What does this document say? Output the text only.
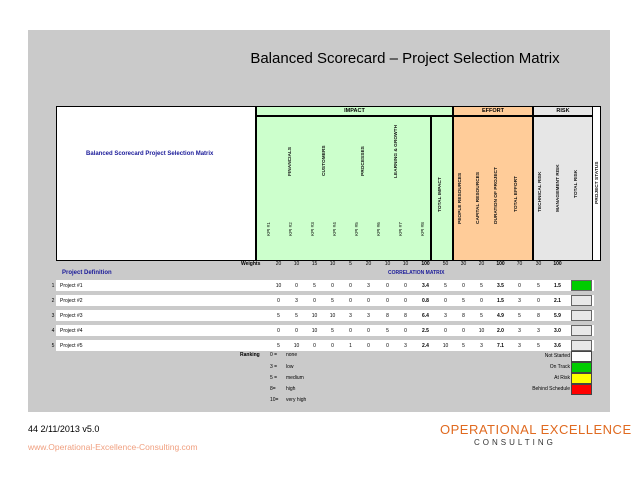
Balanced Scorecard – Project Selection Matrix
Balanced Scorecard Project Selection Matrix
IMPACT	EFFORT	RISK
FINANCIALS	CUSTOMERS	PROCESSES	LEARNING & GROWTH
KPI #1	KPI #2	KPI #3	KPI #4	KPI #5	KPI #6	KPI #7	KPI #8
TOTAL IMPACT	PEOPLE RESOURCES	CAPITAL RESOURCES	DURATION OF PROJECT	TOTAL EFFORT	TECHNICAL RISK	MANAGEMENT RISK	TOTAL RISK	PROJECT STATUS
Weights	20	10	15	10	5	20	10	10	100	50	30	20	100	70	30	100
Project Definition	CORRELATION MATRIX
1	Project #1	10	0	5	0	0	3	0	0	3.4	5	0	5	3.5	0	5	1.5
2	Project #2	0	3	0	5	0	0	0	0	0.8	0	5	0	1.5	3	0	2.1
3	Project #3	5	5	10	10	3	3	8	8	6.4	3	8	5	4.9	5	8	5.9
4	Project #4	0	0	10	5	0	0	5	0	2.5	0	0	10	2.0	3	3	3.0
5	Project #5	5	10	0	0	1	0	0	3	2.4	10	5	3	7.1	3	5	3.6
Ranking 0 = none
3 = low
5 = medium
8= high
10= very high
Not Started
On Track
At Risk
Behind Schedule
44 2/11/2013 v5.0
www.Operational-Excellence-Consulting.com
OPERATIONAL EXCELLENCE
CONSULTING
